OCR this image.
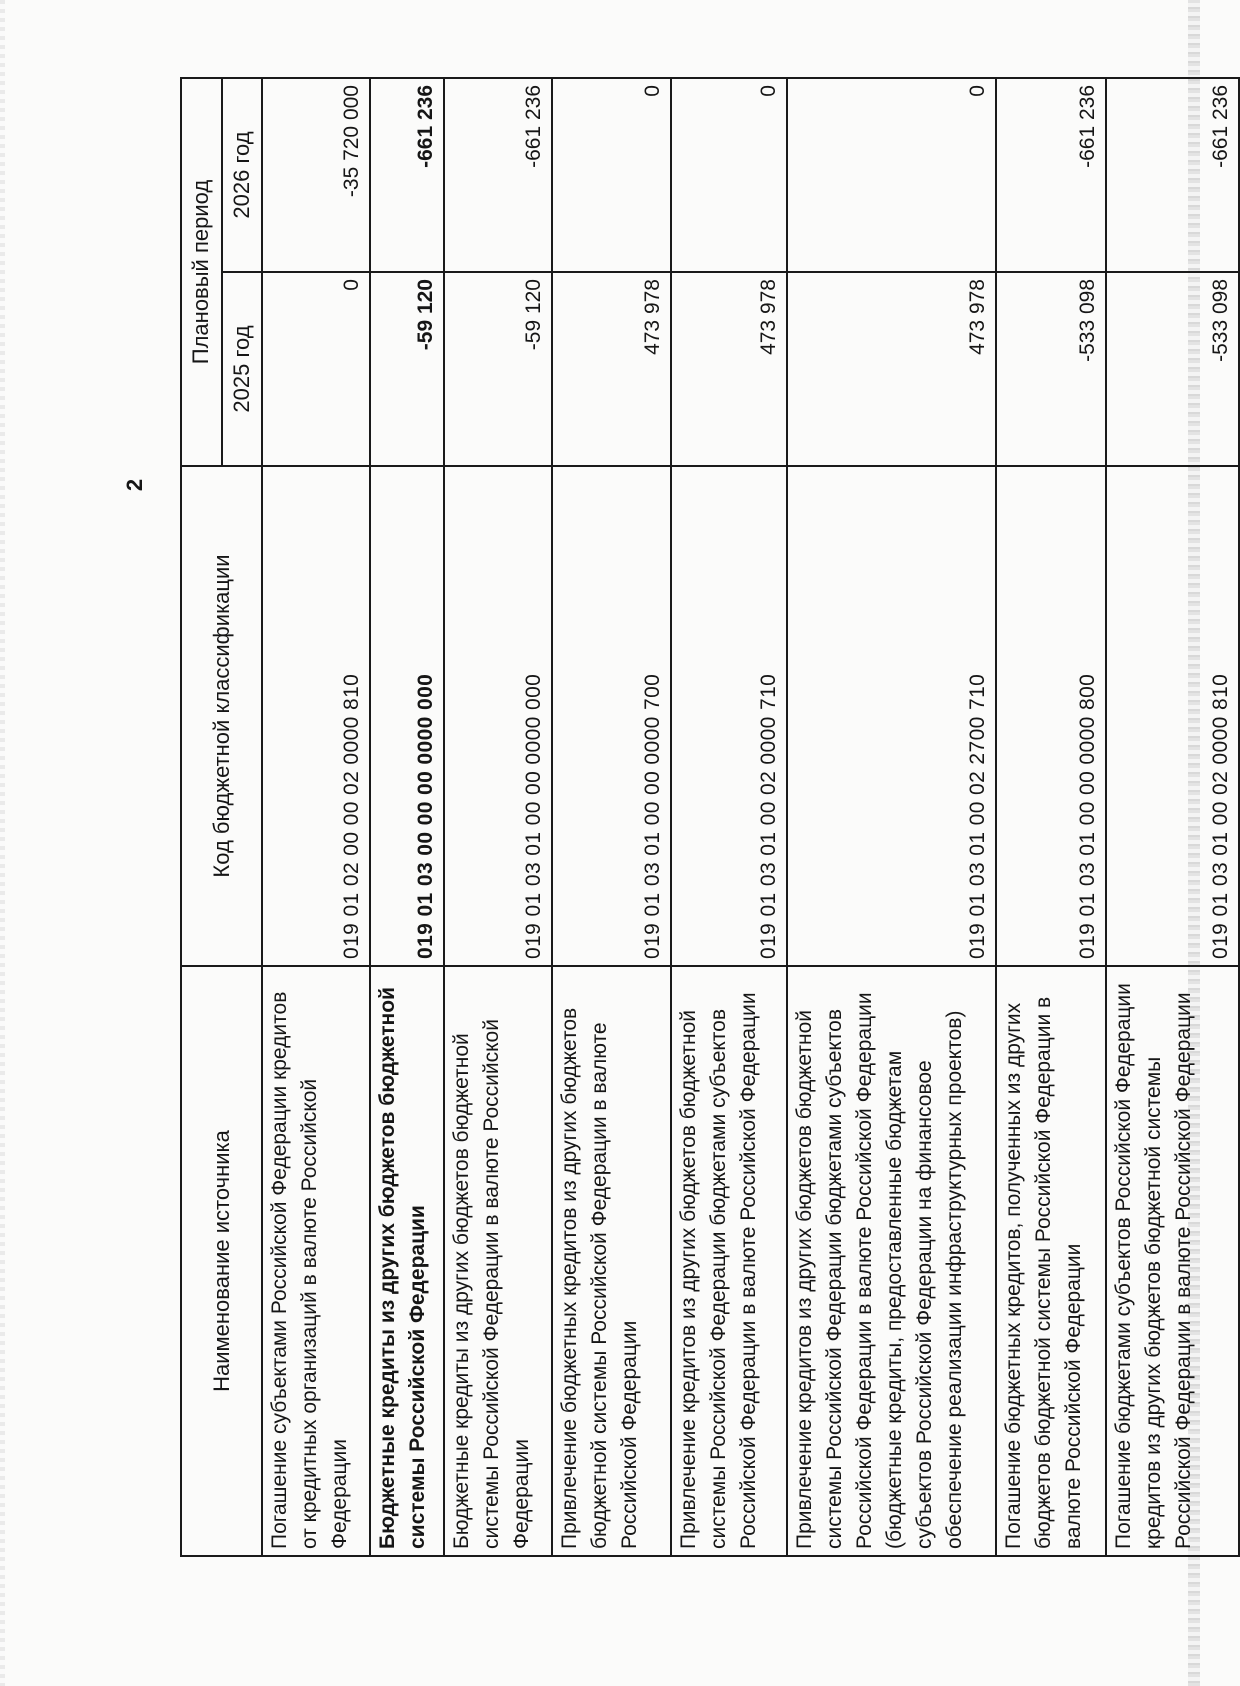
2
Наименование источника	Код бюджетной классификации	Плановый период	
		2025 год	2026 год
Погашение субъектами Российской Федерации кредитов от кредитных организаций в валюте Российской Федерации	019 01 02 00 00 02 0000 810	0	-35 720 000
Бюджетные кредиты из других бюджетов бюджетной системы Российской Федерации	019 01 03 00 00 00 0000 000	-59 120	-661 236
Бюджетные кредиты из других бюджетов бюджетной системы Российской Федерации в валюте Российской Федерации	019 01 03 01 00 00 0000 000	-59 120	-661 236
Привлечение бюджетных кредитов из других бюджетов бюджетной системы Российской Федерации в валюте Российской Федерации	019 01 03 01 00 00 0000 700	473 978	0
Привлечение кредитов из других бюджетов бюджетной системы Российской Федерации бюджетами субъектов Российской Федерации в валюте Российской Федерации	019 01 03 01 00 02 0000 710	473 978	0
Привлечение кредитов из других бюджетов бюджетной системы Российской Федерации бюджетами субъектов Российской Федерации в валюте Российской Федерации (бюджетные кредиты, предоставленные бюджетам субъектов Российской Федерации на финансовое обеспечение реализации инфраструктурных проектов)	019 01 03 01 00 02 2700 710	473 978	0
Погашение бюджетных кредитов, полученных из других бюджетов бюджетной системы Российской Федерации в валюте Российской Федерации	019 01 03 01 00 00 0000 800	-533 098	-661 236
Погашение бюджетами субъектов Российской Федерации кредитов из других бюджетов бюджетной системы Российской Федерации в валюте Российской Федерации	019 01 03 01 00 02 0000 810	-533 098	-661 236
